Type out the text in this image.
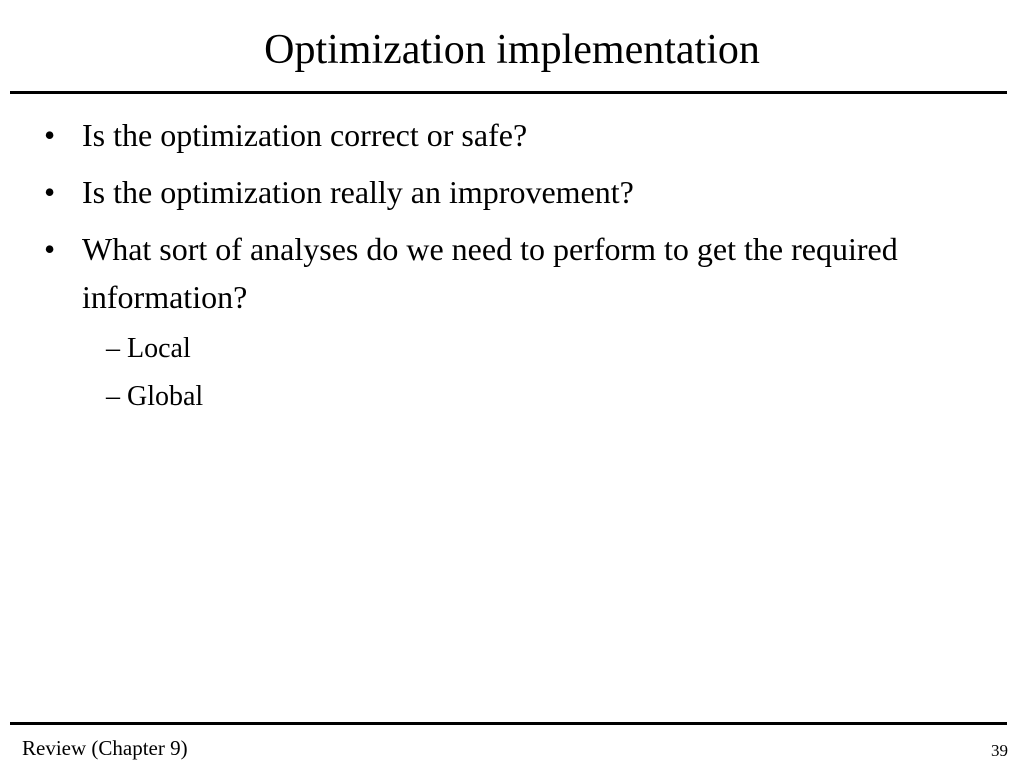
Optimization implementation
• Is the optimization correct or safe?
• Is the optimization really an improvement?
• What sort of analyses do we need to perform to get the required information?
– Local
– Global
Review (Chapter 9)	39
